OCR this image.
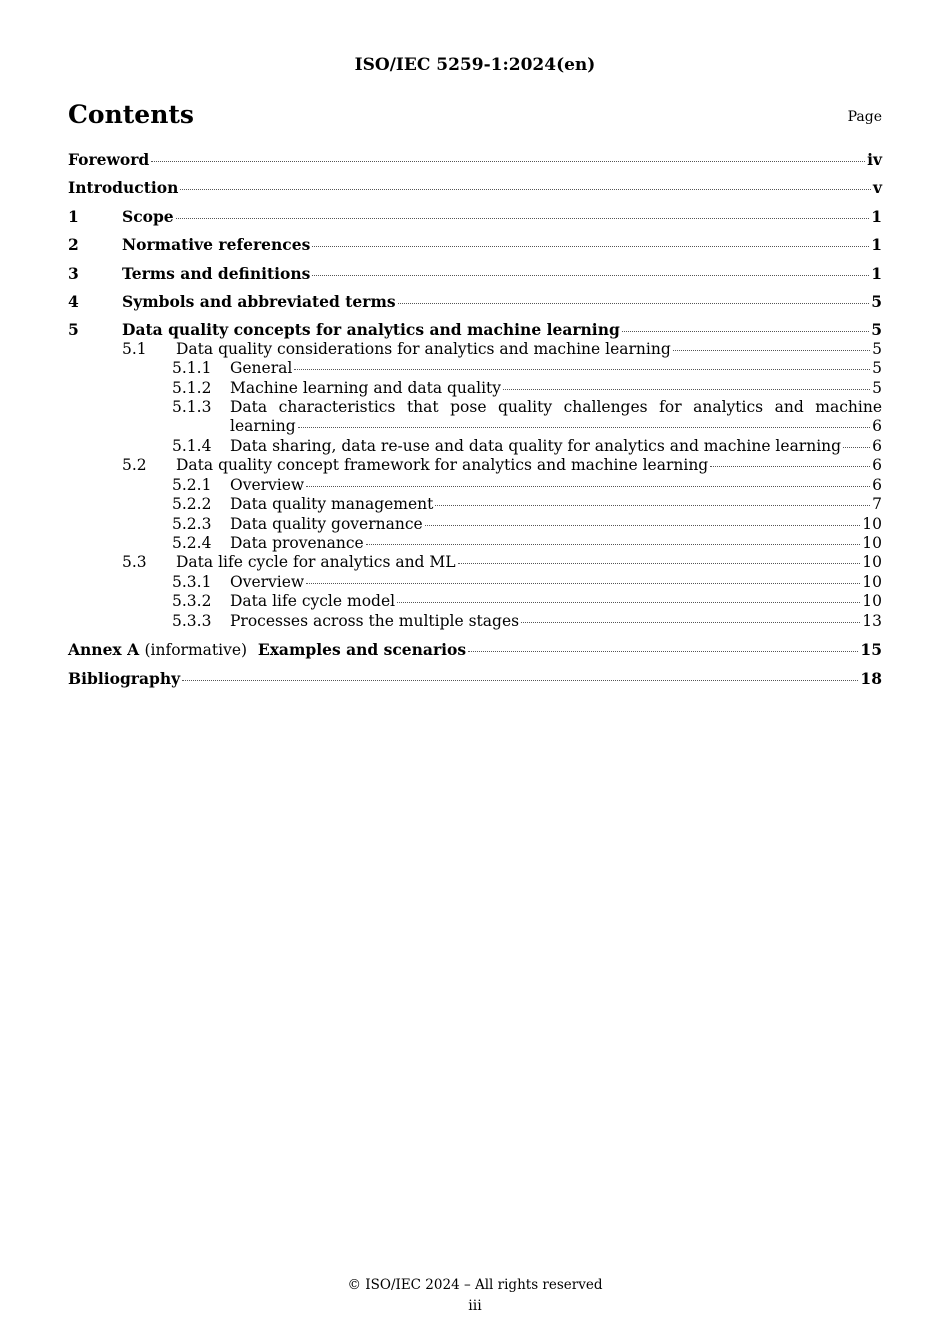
ISO/IEC 5259-1:2024(en)
Contents	Page
Foreword	iv
Introduction	v
1	Scope	1
2	Normative references	1
3	Terms and definitions	1
4	Symbols and abbreviated terms	5
5	Data quality concepts for analytics and machine learning	5
5.1	Data quality considerations for analytics and machine learning	5
5.1.1	General	5
5.1.2	Machine learning and data quality	5
5.1.3	Data characteristics that pose quality challenges for analytics and machine
learning	6
5.1.4	Data sharing, data re-use and data quality for analytics and machine learning 6
5.2	Data quality concept framework for analytics and machine learning	6
5.2.1	Overview	6
5.2.2	Data quality management	7
5.2.3	Data quality governance	10
5.2.4	Data provenance	10
5.3	Data life cycle for analytics and ML	10
5.3.1	Overview	10
5.3.2	Data life cycle model	10
5.3.3	Processes across the multiple stages	13
Annex A (informative) Examples and scenarios	15
Bibliography	18
© ISO/IEC 2024 – All rights reserved
iii
